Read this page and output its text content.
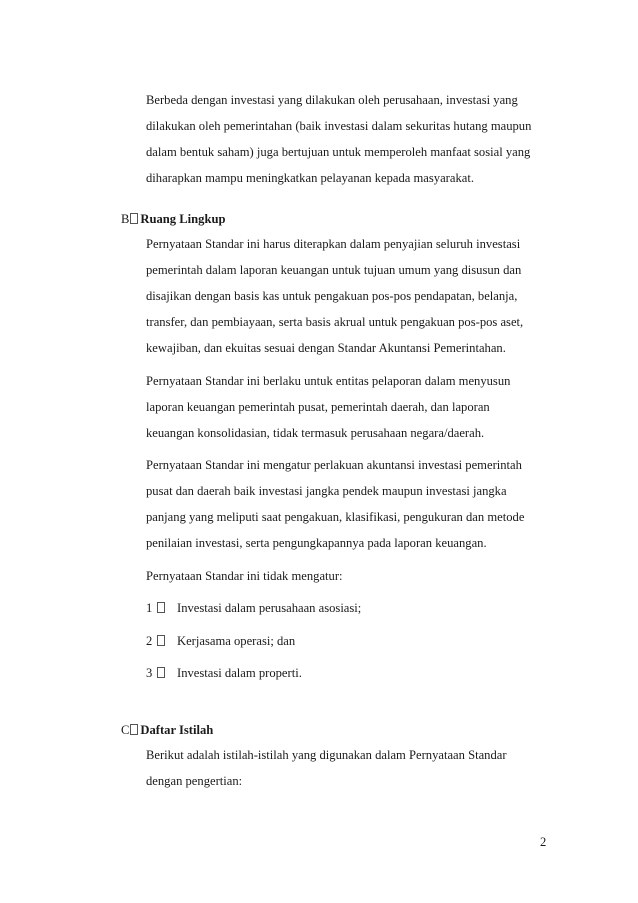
Berbeda dengan investasi yang dilakukan oleh perusahaan, investasi yang
dilakukan oleh pemerintahan (baik investasi dalam sekuritas hutang maupun
dalam bentuk saham) juga bertujuan untuk memperoleh manfaat sosial yang
diharapkan mampu meningkatkan pelayanan kepada masyarakat.
B Ruang Lingkup
Pernyataan Standar ini harus diterapkan dalam penyajian seluruh investasi
pemerintah dalam laporan keuangan untuk tujuan umum yang disusun dan
disajikan dengan basis kas untuk pengakuan pos-pos pendapatan, belanja,
transfer, dan pembiayaan, serta basis akrual untuk pengakuan pos-pos aset,
kewajiban, dan ekuitas sesuai dengan Standar Akuntansi Pemerintahan.
Pernyataan Standar ini berlaku untuk entitas pelaporan dalam menyusun
laporan keuangan pemerintah pusat, pemerintah daerah, dan laporan
keuangan konsolidasian, tidak termasuk perusahaan negara/daerah.
Pernyataan Standar ini mengatur perlakuan akuntansi investasi pemerintah
pusat dan daerah baik investasi jangka pendek maupun investasi jangka
panjang yang meliputi saat pengakuan, klasifikasi, pengukuran dan metode
penilaian investasi, serta pengungkapannya pada laporan keuangan.
Pernyataan Standar ini tidak mengatur:
1 Investasi dalam perusahaan asosiasi;
2 Kerjasama operasi; dan
3 Investasi dalam properti.
C Daftar Istilah
Berikut adalah istilah-istilah yang digunakan dalam Pernyataan Standar
dengan pengertian:
2
